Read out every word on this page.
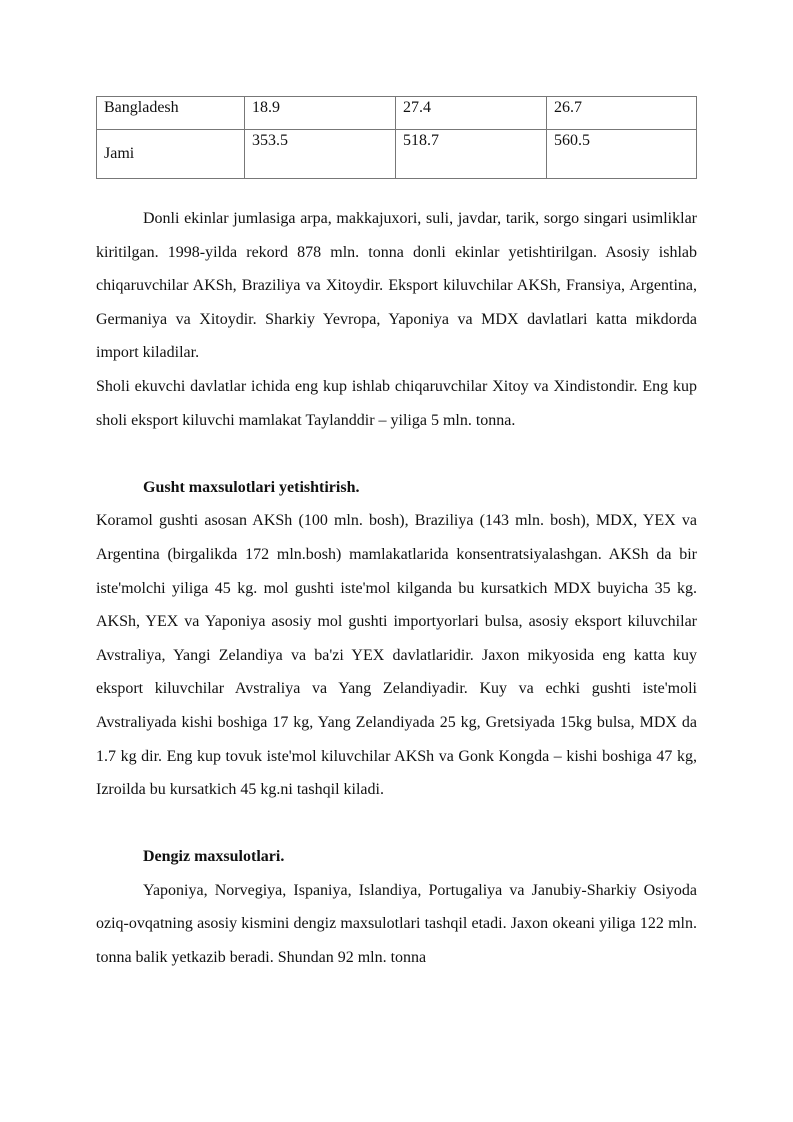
Bangladesh	18.9	27.4	26.7
Jami	353.5	518.7	560.5

Donli ekinlar jumlasiga arpa, makkajuxori, suli, javdar, tarik, sorgo singari usimliklar kiritilgan. 1998-yilda rekord 878 mln. tonna donli ekinlar yetishtirilgan. Asosiy ishlab chiqaruvchilar AKSh, Braziliya va Xitoydir. Eksport kiluvchilar AKSh, Fransiya, Argentina, Germaniya va Xitoydir. Sharkiy Yevropa, Yaponiya va MDX davlatlari katta mikdorda import kiladilar.

Sholi ekuvchi davlatlar ichida eng kup ishlab chiqaruvchilar Xitoy va Xindistondir. Eng kup sholi eksport kiluvchi mamlakat Taylanddir – yiliga 5 mln. tonna.

Gusht maxsulotlari yetishtirish.

Koramol gushti asosan AKSh (100 mln. bosh), Braziliya (143 mln. bosh), MDX, YEX va Argentina (birgalikda 172 mln.bosh) mamlakatlarida konsentratsiyalashgan. AKSh da bir iste'molchi yiliga 45 kg. mol gushti iste'mol kilganda bu kursatkich MDX buyicha 35 kg. AKSh, YEX va Yaponiya asosiy mol gushti importyorlari bulsa, asosiy eksport kiluvchilar Avstraliya, Yangi Zelandiya va ba'zi YEX davlatlaridir. Jaxon mikyosida eng katta kuy eksport kiluvchilar Avstraliya va Yang Zelandiyadir. Kuy va echki gushti iste'moli Avstraliyada kishi boshiga 17 kg, Yang Zelandiyada 25 kg, Gretsiyada 15kg bulsa, MDX da 1.7 kg dir. Eng kup tovuk iste'mol kiluvchilar AKSh va Gonk Kongda – kishi boshiga 47 kg, Izroilda bu kursatkich 45 kg.ni tashqil kiladi.

Dengiz maxsulotlari.

Yaponiya, Norvegiya, Ispaniya, Islandiya, Portugaliya va Janubiy-Sharkiy Osiyoda oziq-ovqatning asosiy kismini dengiz maxsulotlari tashqil etadi. Jaxon okeani yiliga 122 mln. tonna balik yetkazib beradi. Shundan 92 mln. tonna
